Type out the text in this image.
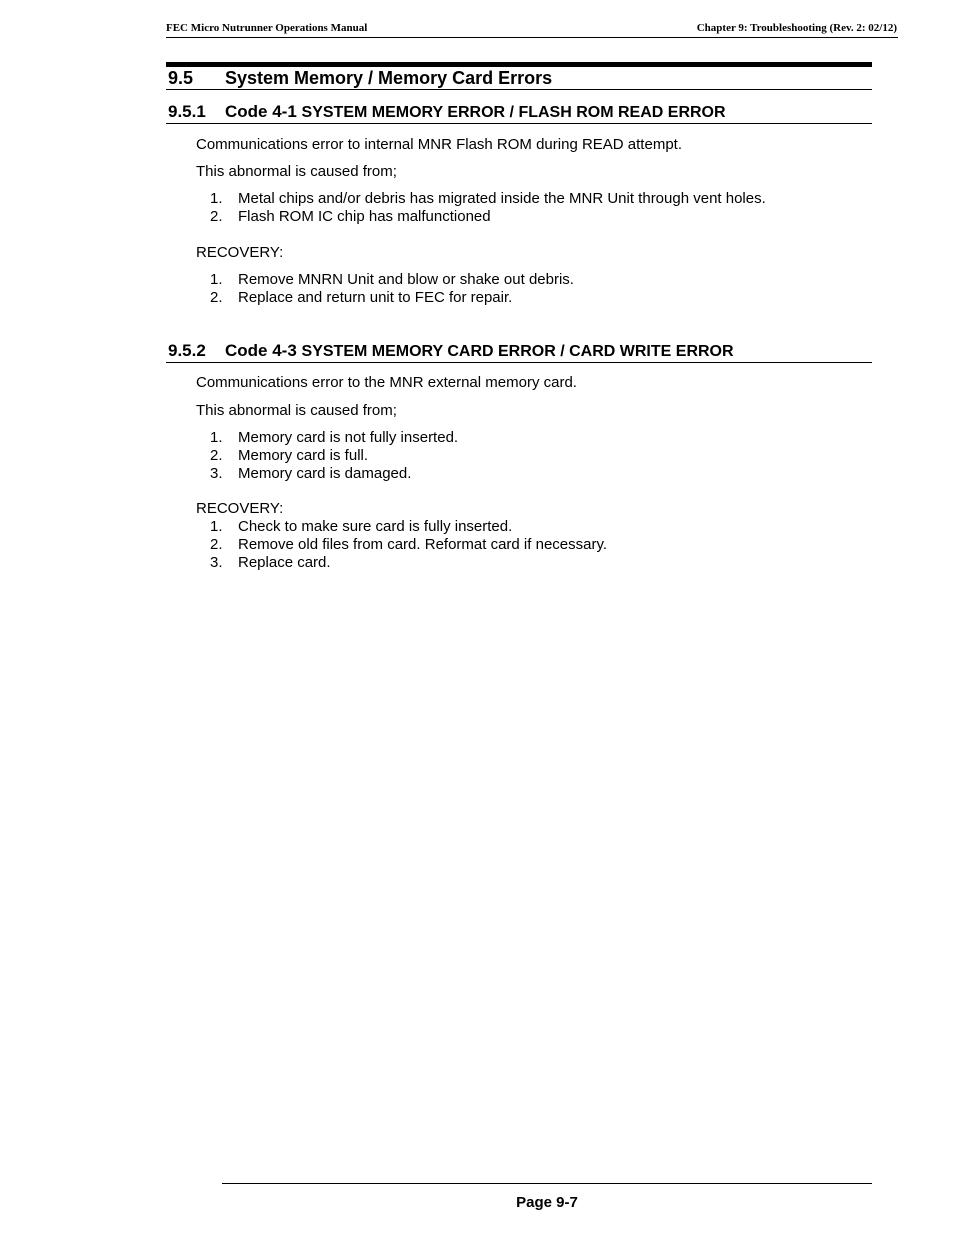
FEC Micro Nutrunner Operations Manual	Chapter 9: Troubleshooting (Rev. 2: 02/12)
9.5 System Memory / Memory Card Errors
9.5.1 Code 4-1 SYSTEM MEMORY ERROR / FLASH ROM READ ERROR
Communications error to internal MNR Flash ROM during READ attempt.
This abnormal is caused from;
1. Metal chips and/or debris has migrated inside the MNR Unit through vent holes.
2. Flash ROM IC chip has malfunctioned
RECOVERY:
1. Remove MNRN Unit and blow or shake out debris.
2. Replace and return unit to FEC for repair.
9.5.2 Code 4-3 SYSTEM MEMORY CARD ERROR / CARD WRITE ERROR
Communications error to the MNR external memory card.
This abnormal is caused from;
1. Memory card is not fully inserted.
2. Memory card is full.
3. Memory card is damaged.
RECOVERY:
1. Check to make sure card is fully inserted.
2. Remove old files from card. Reformat card if necessary.
3. Replace card.
Page 9-7
